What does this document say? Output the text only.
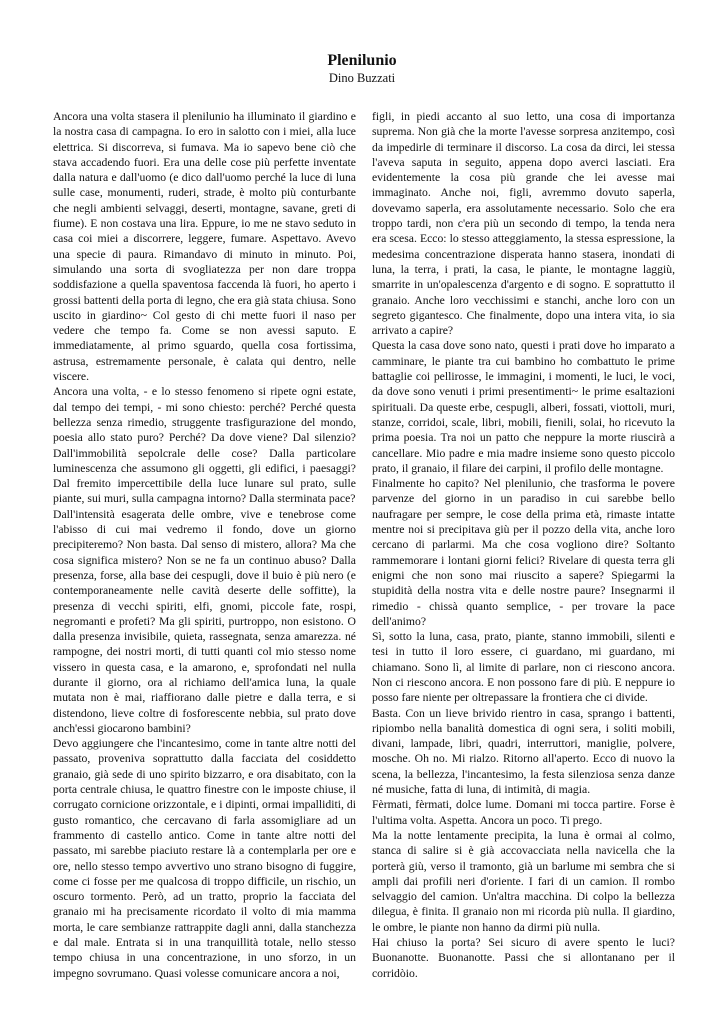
Plenilunio
Dino Buzzati

Ancora una volta stasera il plenilunio ha illuminato il giardino e la nostra casa di campagna. Io ero in salotto con i miei, alla luce elettrica. Si discorreva, si fumava. Ma io sapevo bene ciò che stava accadendo fuori. Era una delle cose più perfette inventate dalla natura e dall'uomo (e dico dall'uomo perché la luce di luna sulle case, monumenti, ruderi, strade, è molto più conturbante che negli ambienti selvaggi, deserti, montagne, savane, greti di fiume). E non costava una lira. Eppure, io me ne stavo seduto in casa coi miei a discorrere, leggere, fumare. Aspettavo. Avevo una specie di paura. Rimandavo di minuto in minuto. Poi, simulando una sorta di svogliatezza per non dare troppa soddisfazione a quella spaventosa faccenda là fuori, ho aperto i grossi battenti della porta di legno, che era già stata chiusa. Sono uscito in giardino~ Col gesto di chi mette fuori il naso per vedere che tempo fa. Come se non avessi saputo. E immediatamente, al primo sguardo, quella cosa fortissima, astrusa, estremamente personale, è calata qui dentro, nelle viscere.

Ancora una volta, - e lo stesso fenomeno si ripete ogni estate, dal tempo dei tempi, - mi sono chiesto: perché? Perché questa bellezza senza rimedio, struggente trasfigurazione del mondo, poesia allo stato puro? Perché? Da dove viene? Dal silenzio? Dall'immobilità sepolcrale delle cose? Dalla particolare luminescenza che assumono gli oggetti, gli edifici, i paesaggi? Dal fremito impercettibile della luce lunare sul prato, sulle piante, sui muri, sulla campagna intorno? Dalla sterminata pace?

Dall'intensità esagerata delle ombre, vive e tenebrose come l'abisso di cui mai vedremo il fondo, dove un giorno precipiteremo? Non basta. Dal senso di mistero, allora? Ma che cosa significa mistero? Non se ne fa un continuo abuso? Dalla presenza, forse, alla base dei cespugli, dove il buio è più nero (e contemporaneamente nelle cavità deserte delle soffitte), la presenza di vecchi spiriti, elfi, gnomi, piccole fate, rospi, negromanti e profeti? Ma gli spiriti, purtroppo, non esistono. O dalla presenza invisibile, quieta, rassegnata, senza amarezza. né rampogne, dei nostri morti, di tutti quanti col mio stesso nome vissero in questa casa, e la amarono, e, sprofondati nel nulla durante il giorno, ora al richiamo dell'amica luna, la quale mutata non è mai, riaffiorano dalle pietre e dalla terra, e si distendono, lieve coltre di fosforescente nebbia, sul prato dove anch'essi giocarono bambini?

Devo aggiungere che l'incantesimo, come in tante altre notti del passato, proveniva soprattutto dalla facciata del cosiddetto granaio, già sede di uno spirito bizzarro, e ora disabitato, con la porta centrale chiusa, le quattro finestre con le imposte chiuse, il corrugato cornicione orizzontale, e i dipinti, ormai impalliditi, di gusto romantico, che cercavano di farla assomigliare ad un frammento di castello antico. Come in tante altre notti del passato, mi sarebbe piaciuto restare là a contemplarla per ore e ore, nello stesso tempo avvertivo uno strano bisogno di fuggire, come ci fosse per me qualcosa di troppo difficile, un rischio, un oscuro tormento. Però, ad un tratto, proprio la facciata del granaio mi ha precisamente ricordato il volto di mia mamma morta, le care sembianze rattrappite dagli anni, dalla stanchezza e dal male. Entrata si in una tranquillità totale, nello stesso tempo chiusa in una concentrazione, in uno sforzo, in un impegno sovrumano. Quasi volesse comunicare ancora a noi,

figli, in piedi accanto al suo letto, una cosa di importanza suprema. Non già che la morte l'avesse sorpresa anzitempo, così da impedirle di terminare il discorso. La cosa da dirci, lei stessa l'aveva saputa in seguito, appena dopo averci lasciati. Era evidentemente la cosa più grande che lei avesse mai immaginato. Anche noi, figli, avremmo dovuto saperla, dovevamo saperla, era assolutamente necessario. Solo che era troppo tardi, non c'era più un secondo di tempo, la tenda nera era scesa. Ecco: lo stesso atteggiamento, la stessa espressione, la medesima concentrazione disperata hanno stasera, inondati di luna, la terra, i prati, la casa, le piante, le montagne laggiù, smarrite in un'opalescenza d'argento e di sogno. E soprattutto il granaio. Anche loro vecchissimi e stanchi, anche loro con un segreto gigantesco. Che finalmente, dopo una intera vita, io sia arrivato a capire?

Questa la casa dove sono nato, questi i prati dove ho imparato a camminare, le piante tra cui bambino ho combattuto le prime battaglie coi pellirosse, le immagini, i momenti, le luci, le voci, da dove sono venuti i primi presentimenti~ le prime esaltazioni spirituali. Da queste erbe, cespugli, alberi, fossati, viottoli, muri, stanze, corridoi, scale, libri, mobili, fienili, solai, ho ricevuto la prima poesia. Tra noi un patto che neppure la morte riuscirà a cancellare. Mio padre e mia madre insieme sono questo piccolo prato, il granaio, il filare dei carpini, il profilo delle montagne.

Finalmente ho capito? Nel plenilunio, che trasforma le povere parvenze del giorno in un paradiso in cui sarebbe bello naufragare per sempre, le cose della prima età, rimaste intatte mentre noi si precipitava giù per il pozzo della vita, anche loro cercano di parlarmi. Ma che cosa vogliono dire? Soltanto rammemorare i lontani giorni felici? Rivelare di questa terra gli enigmi che non sono mai riuscito a sapere? Spiegarmi la stupidità della nostra vita e delle nostre paure? Insegnarmi il rimedio - chissà quanto semplice, - per trovare la pace dell'animo?

Sì, sotto la luna, casa, prato, piante, stanno immobili, silenti e tesi in tutto il loro essere, ci guardano, mi guardano, mi chiamano. Sono lì, al limite di parlare, non ci riescono ancora. Non ci riescono ancora. E non possono fare di più. E neppure io posso fare niente per oltrepassare la frontiera che ci divide.

Basta. Con un lieve brivido rientro in casa, sprango i battenti, ripiombo nella banalità domestica di ogni sera, i soliti mobili, divani, lampade, libri, quadri, interruttori, maniglie, polvere, mosche. Oh no. Mi rialzo. Ritorno all'aperto. Ecco di nuovo la scena, la bellezza, l'incantesimo, la festa silenziosa senza danze né musiche, fatta di luna, di intimità, di magia.

Fèrmati, fèrmati, dolce lume. Domani mi tocca partire. Forse è l'ultima volta. Aspetta. Ancora un poco. Ti prego.

Ma la notte lentamente precipita, la luna è ormai al colmo, stanca di salire si è già accovacciata nella navicella che la porterà giù, verso il tramonto, già un barlume mi sembra che si ampli dai profili neri d'oriente. I fari di un camion. Il rombo selvaggio del camion. Un'altra macchina. Di colpo la bellezza dilegua, è finita. Il granaio non mi ricorda più nulla. Il giardino, le ombre, le piante non hanno da dirmi più nulla.

Hai chiuso la porta? Sei sicuro di avere spento le luci? Buonanotte. Buonanotte. Passi che si allontanano per il corridòio.
